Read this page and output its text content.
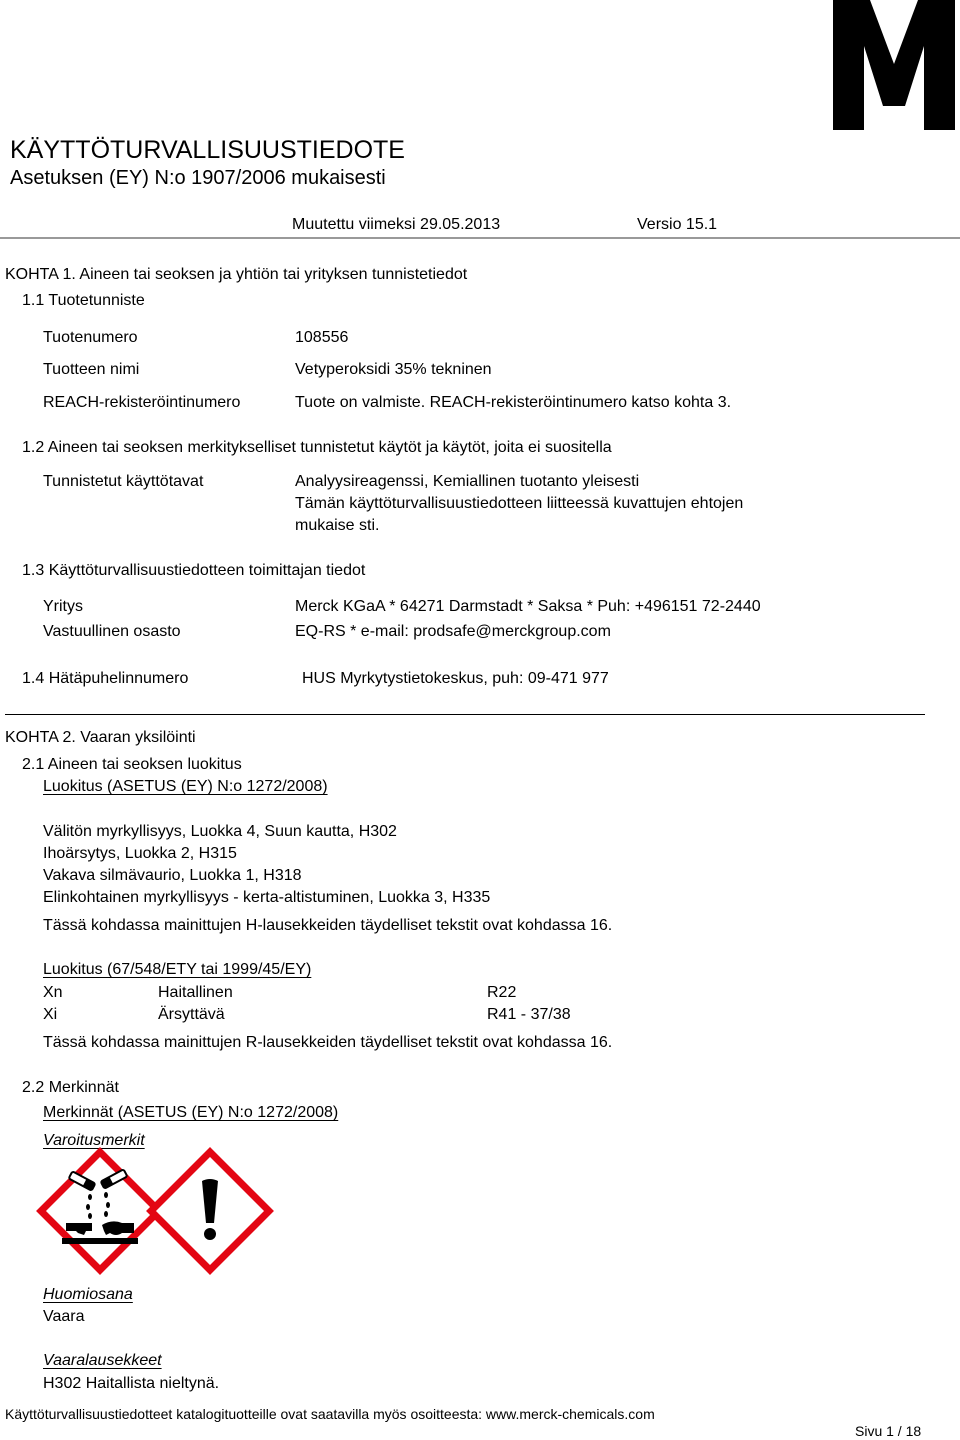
KÄYTTÖTURVALLISUUSTIEDOTE
Asetuksen (EY) N:o 1907/2006 mukaisesti
Muutettu viimeksi 29.05.2013	Versio 15.1
KOHTA 1. Aineen tai seoksen ja yhtiön tai yrityksen tunnistetiedot
1.1 Tuotetunniste
Tuotenumero	108556
Tuotteen nimi	Vetyperoksidi 35% tekninen
REACH-rekisteröintinumero	Tuote on valmiste. REACH-rekisteröintinumero katso kohta 3.
1.2 Aineen tai seoksen merkitykselliset tunnistetut käytöt ja käytöt, joita ei suositella
Tunnistetut käyttötavat	Analyysireagenssi, Kemiallinen tuotanto yleisesti
Tämän käyttöturvallisuustiedotteen liitteessä kuvattujen ehtojen
mukaise sti.
1.3 Käyttöturvallisuustiedotteen toimittajan tiedot
Yritys	Merck KGaA * 64271 Darmstadt * Saksa * Puh: +496151 72-2440
Vastuullinen osasto	EQ-RS * e-mail: prodsafe@merckgroup.com
1.4 Hätäpuhelinnumero	HUS Myrkytystietokeskus, puh: 09-471 977
KOHTA 2. Vaaran yksilöinti
2.1 Aineen tai seoksen luokitus
Luokitus (ASETUS (EY) N:o 1272/2008)
Välitön myrkyllisyys, Luokka 4, Suun kautta, H302
Ihoärsytys, Luokka 2, H315
Vakava silmävaurio, Luokka 1, H318
Elinkohtainen myrkyllisyys - kerta-altistuminen, Luokka 3, H335
Tässä kohdassa mainittujen H-lausekkeiden täydelliset tekstit ovat kohdassa 16.
Luokitus (67/548/ETY tai 1999/45/EY)
Xn	Haitallinen	R22
Xi	Ärsyttävä	R41 - 37/38
Tässä kohdassa mainittujen R-lausekkeiden täydelliset tekstit ovat kohdassa 16.
2.2 Merkinnät
Merkinnät (ASETUS (EY) N:o 1272/2008)
Varoitusmerkit
Huomiosana
Vaara
Vaaralausekkeet
H302 Haitallista nieltynä.
Käyttöturvallisuustiedotteet katalogituotteille ovat saatavilla myös osoitteesta: www.merck-chemicals.com
Sivu 1 / 18
